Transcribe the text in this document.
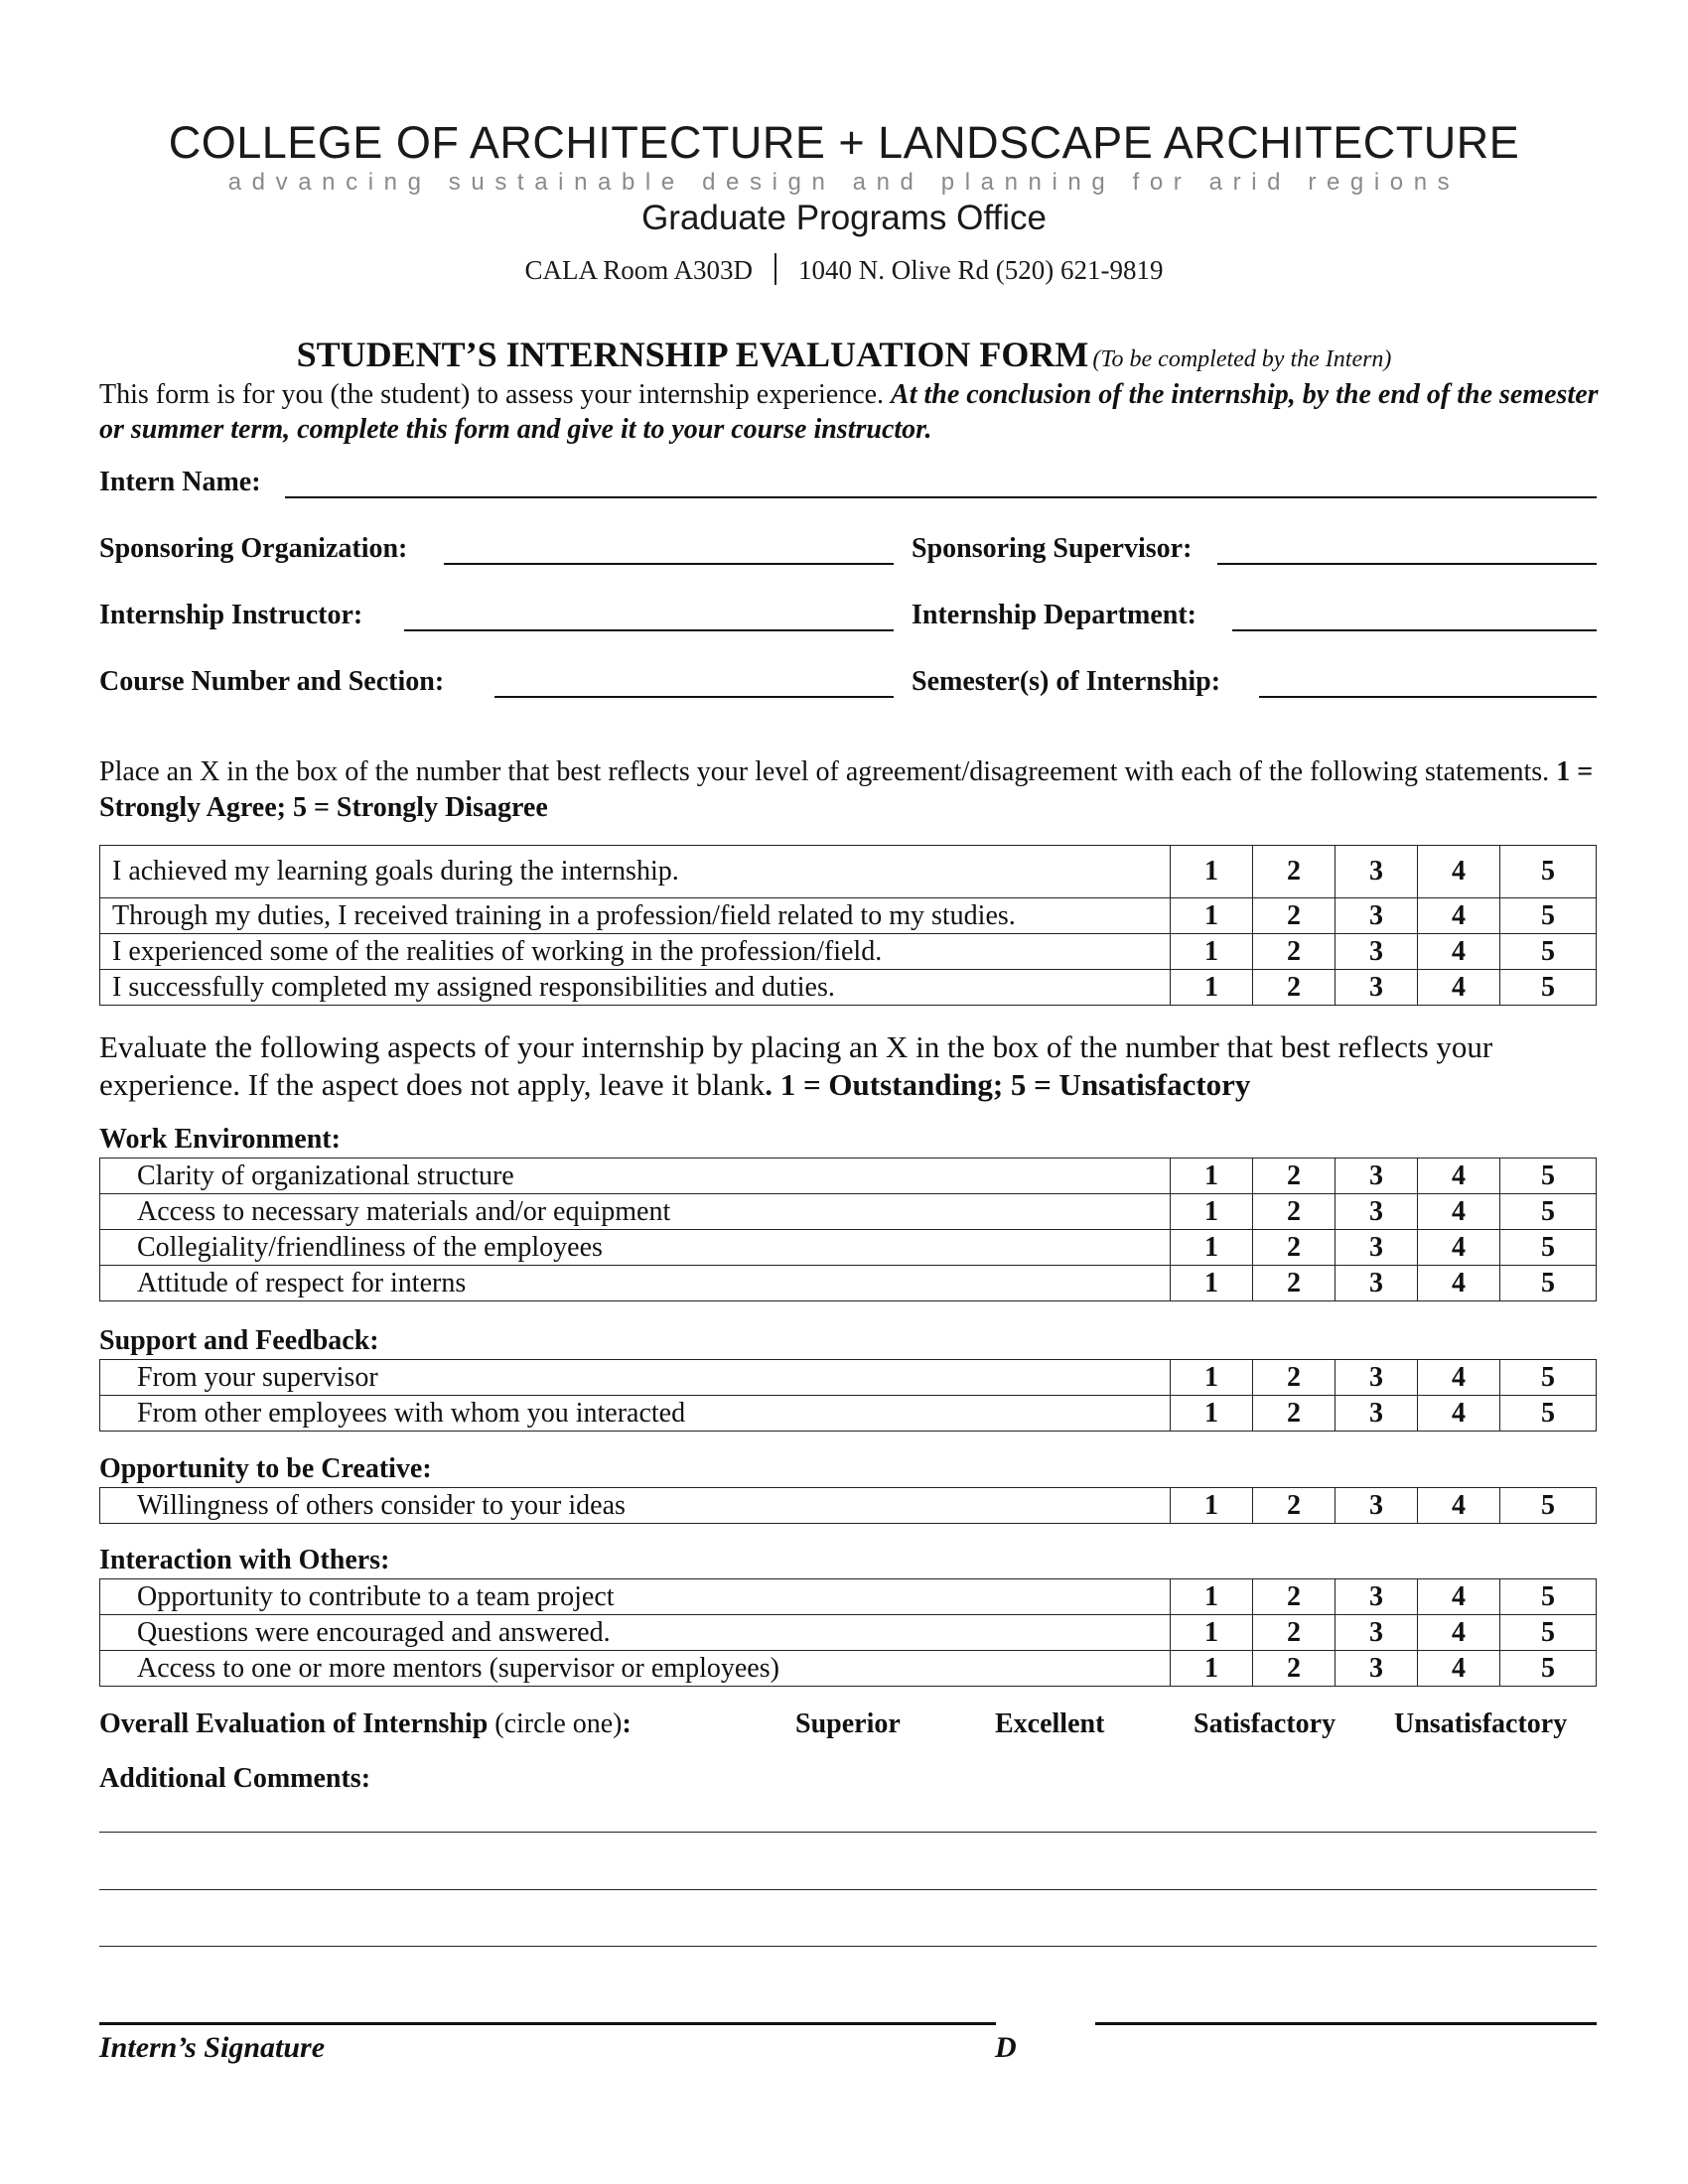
COLLEGE OF ARCHITECTURE + LANDSCAPE ARCHITECTURE
advancing sustainable design and planning for arid regions
Graduate Programs Office
CALA Room A303D 1040 N. Olive Rd (520) 621-9819
STUDENT’S INTERNSHIP EVALUATION FORM (To be completed by the Intern)
This form is for you (the student) to assess your internship experience. At the conclusion of the internship, by the end of the semester or summer term, complete this form and give it to your course instructor.
Intern Name:
Sponsoring Organization:	Sponsoring Supervisor:
Internship Instructor:	Internship Department:
Course Number and Section:	Semester(s) of Internship:
Place an X in the box of the number that best reflects your level of agreement/disagreement with each of the following statements. 1 = Strongly Agree; 5 = Strongly Disagree
I achieved my learning goals during the internship.	1	2	3	4	5
Through my duties, I received training in a profession/field related to my studies.	1	2	3	4	5
I experienced some of the realities of working in the profession/field.	1	2	3	4	5
I successfully completed my assigned responsibilities and duties.	1	2	3	4	5
Evaluate the following aspects of your internship by placing an X in the box of the number that best reflects your experience. If the aspect does not apply, leave it blank. 1 = Outstanding; 5 = Unsatisfactory
Work Environment:
Clarity of organizational structure	1	2	3	4	5
Access to necessary materials and/or equipment	1	2	3	4	5
Collegiality/friendliness of the employees	1	2	3	4	5
Attitude of respect for interns	1	2	3	4	5
Support and Feedback:
From your supervisor	1	2	3	4	5
From other employees with whom you interacted	1	2	3	4	5
Opportunity to be Creative:
Willingness of others consider to your ideas	1	2	3	4	5
Interaction with Others:
Opportunity to contribute to a team project	1	2	3	4	5
Questions were encouraged and answered.	1	2	3	4	5
Access to one or more mentors (supervisor or employees)	1	2	3	4	5
Overall Evaluation of Internship (circle one):	Superior	Excellent	Satisfactory Unsatisfactory
Additional Comments:
Intern’s Signature	D
